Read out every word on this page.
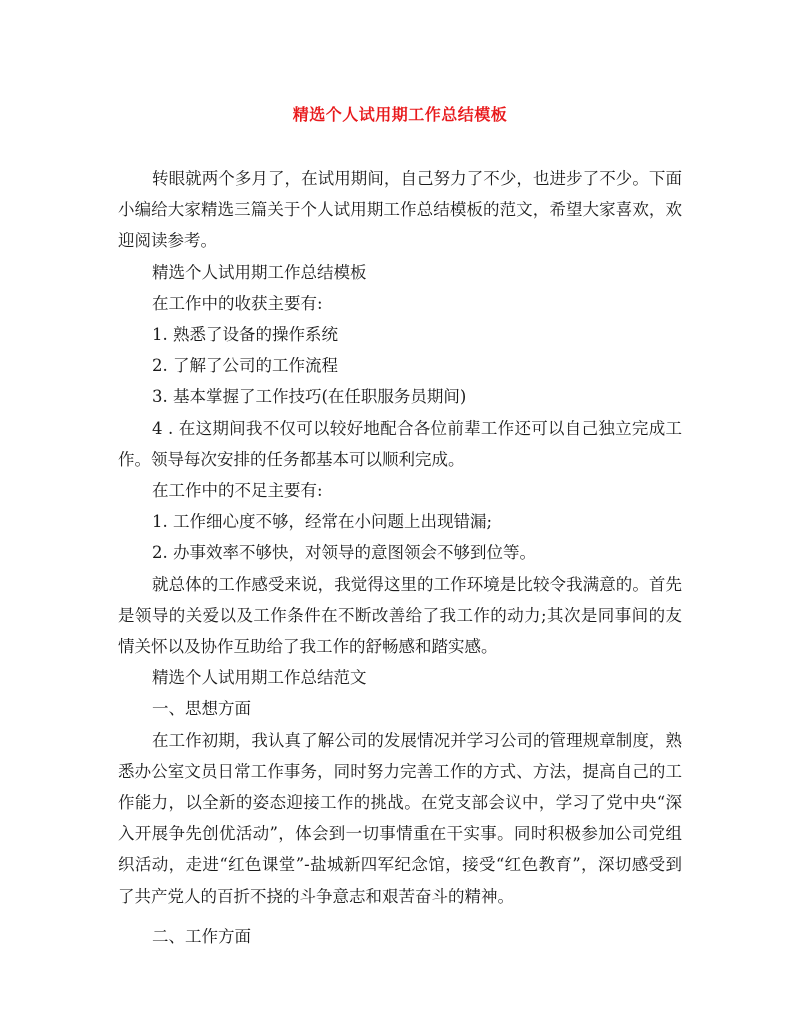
精选个人试用期工作总结模板

转眼就两个多月了，在试用期间，自己努力了不少，也进步了不少。下面小编给大家精选三篇关于个人试用期工作总结模板的范文，希望大家喜欢，欢迎阅读参考。

精选个人试用期工作总结模板

在工作中的收获主要有:

1. 熟悉了设备的操作系统

2. 了解了公司的工作流程

3. 基本掌握了工作技巧(在任职服务员期间)

4 . 在这期间我不仅可以较好地配合各位前辈工作还可以自己独立完成工作。领导每次安排的任务都基本可以顺利完成。

在工作中的不足主要有:

1. 工作细心度不够，经常在小问题上出现错漏;

2. 办事效率不够快，对领导的意图领会不够到位等。

就总体的工作感受来说，我觉得这里的工作环境是比较令我满意的。首先是领导的关爱以及工作条件在不断改善给了我工作的动力;其次是同事间的友情关怀以及协作互助给了我工作的舒畅感和踏实感。

精选个人试用期工作总结范文

一、思想方面

在工作初期，我认真了解公司的发展情况并学习公司的管理规章制度，熟悉办公室文员日常工作事务，同时努力完善工作的方式、方法，提高自己的工作能力，以全新的姿态迎接工作的挑战。在党支部会议中，学习了党中央“深入开展争先创优活动”，体会到一切事情重在干实事。同时积极参加公司党组织活动，走进“红色课堂”-盐城新四军纪念馆，接受“红色教育”，深切感受到了共产党人的百折不挠的斗争意志和艰苦奋斗的精神。

二、工作方面
